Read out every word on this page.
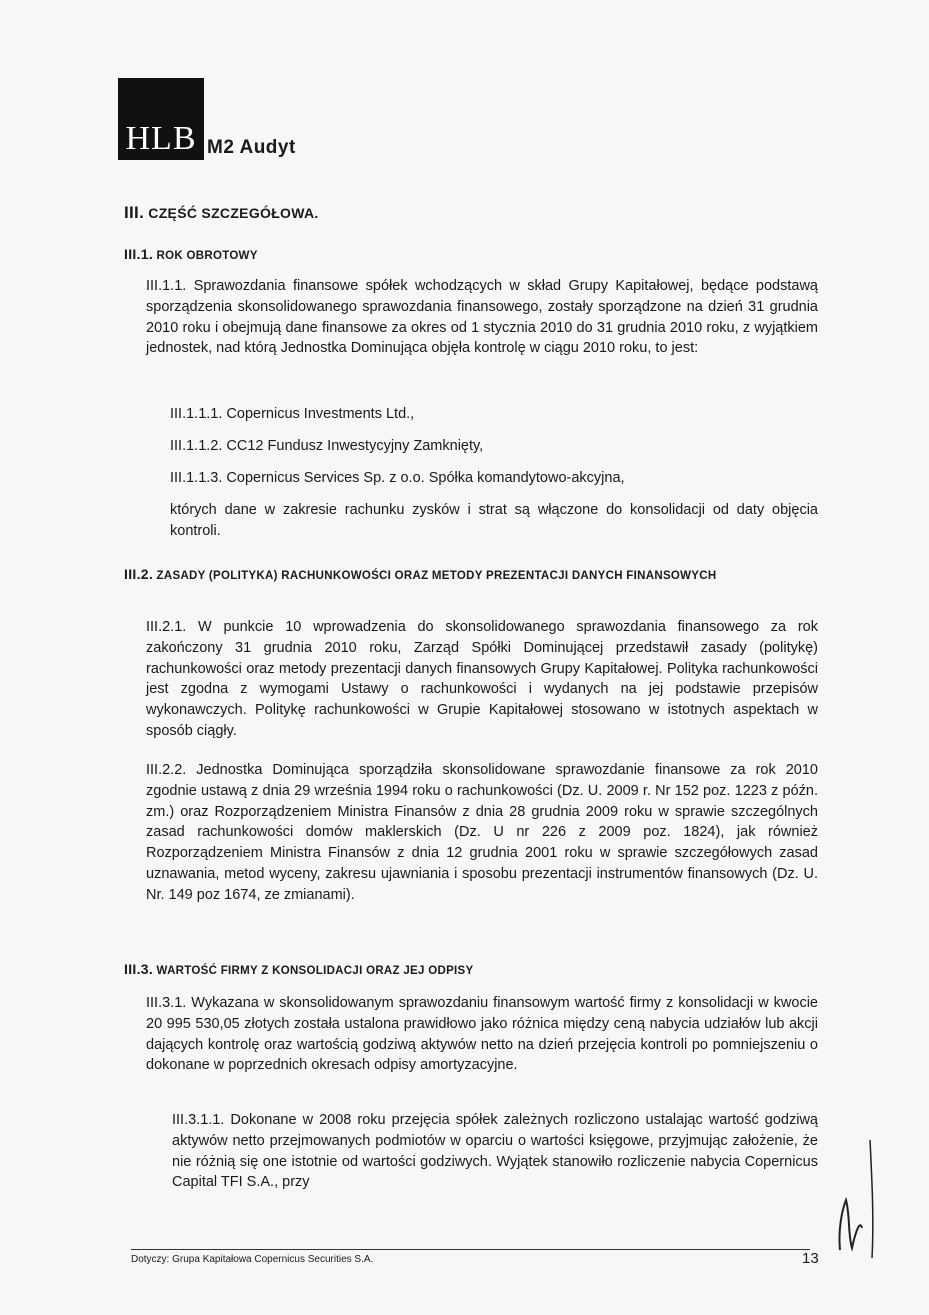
HLB M2 Audyt
III. CZĘŚĆ SZCZEGÓŁOWA.
III.1. ROK OBROTOWY
III.1.1. Sprawozdania finansowe spółek wchodzących w skład Grupy Kapitałowej, będące podstawą sporządzenia skonsolidowanego sprawozdania finansowego, zostały sporządzone na dzień 31 grudnia 2010 roku i obejmują dane finansowe za okres od 1 stycznia 2010 do 31 grudnia 2010 roku, z wyjątkiem jednostek, nad którą Jednostka Dominująca objęła kontrolę w ciągu 2010 roku, to jest:
III.1.1.1. Copernicus Investments Ltd.,
III.1.1.2. CC12 Fundusz Inwestycyjny Zamknięty,
III.1.1.3. Copernicus Services Sp. z o.o. Spółka komandytowo-akcyjna,
których dane w zakresie rachunku zysków i strat są włączone do konsolidacji od daty objęcia kontroli.
III.2. ZASADY (POLITYKA) RACHUNKOWOŚCI ORAZ METODY PREZENTACJI DANYCH FINANSOWYCH
III.2.1. W punkcie 10 wprowadzenia do skonsolidowanego sprawozdania finansowego za rok zakończony 31 grudnia 2010 roku, Zarząd Spółki Dominującej przedstawił zasady (politykę) rachunkowości oraz metody prezentacji danych finansowych Grupy Kapitałowej. Polityka rachunkowości jest zgodna z wymogami Ustawy o rachunkowości i wydanych na jej podstawie przepisów wykonawczych. Politykę rachunkowości w Grupie Kapitałowej stosowano w istotnych aspektach w sposób ciągły.
III.2.2. Jednostka Dominująca sporządziła skonsolidowane sprawozdanie finansowe za rok 2010 zgodnie ustawą z dnia 29 września 1994 roku o rachunkowości (Dz. U. 2009 r. Nr 152 poz. 1223 z późn. zm.) oraz Rozporządzeniem Ministra Finansów z dnia 28 grudnia 2009 roku w sprawie szczególnych zasad rachunkowości domów maklerskich (Dz. U nr 226 z 2009 poz. 1824), jak również Rozporządzeniem Ministra Finansów z dnia 12 grudnia 2001 roku w sprawie szczegółowych zasad uznawania, metod wyceny, zakresu ujawniania i sposobu prezentacji instrumentów finansowych (Dz. U. Nr. 149 poz 1674, ze zmianami).
III.3. WARTOŚĆ FIRMY Z KONSOLIDACJI ORAZ JEJ ODPISY
III.3.1. Wykazana w skonsolidowanym sprawozdaniu finansowym wartość firmy z konsolidacji w kwocie 20 995 530,05 złotych została ustalona prawidłowo jako różnica między ceną nabycia udziałów lub akcji dających kontrolę oraz wartością godziwą aktywów netto na dzień przejęcia kontroli po pomniejszeniu o dokonane w poprzednich okresach odpisy amortyzacyjne.
III.3.1.1. Dokonane w 2008 roku przejęcia spółek zależnych rozliczono ustalając wartość godziwą aktywów netto przejmowanych podmiotów w oparciu o wartości księgowe, przyjmując założenie, że nie różnią się one istotnie od wartości godziwych. Wyjątek stanowiło rozliczenie nabycia Copernicus Capital TFI S.A., przy
Dotyczy: Grupa Kapitałowa Copernicus Securities S.A.	13
